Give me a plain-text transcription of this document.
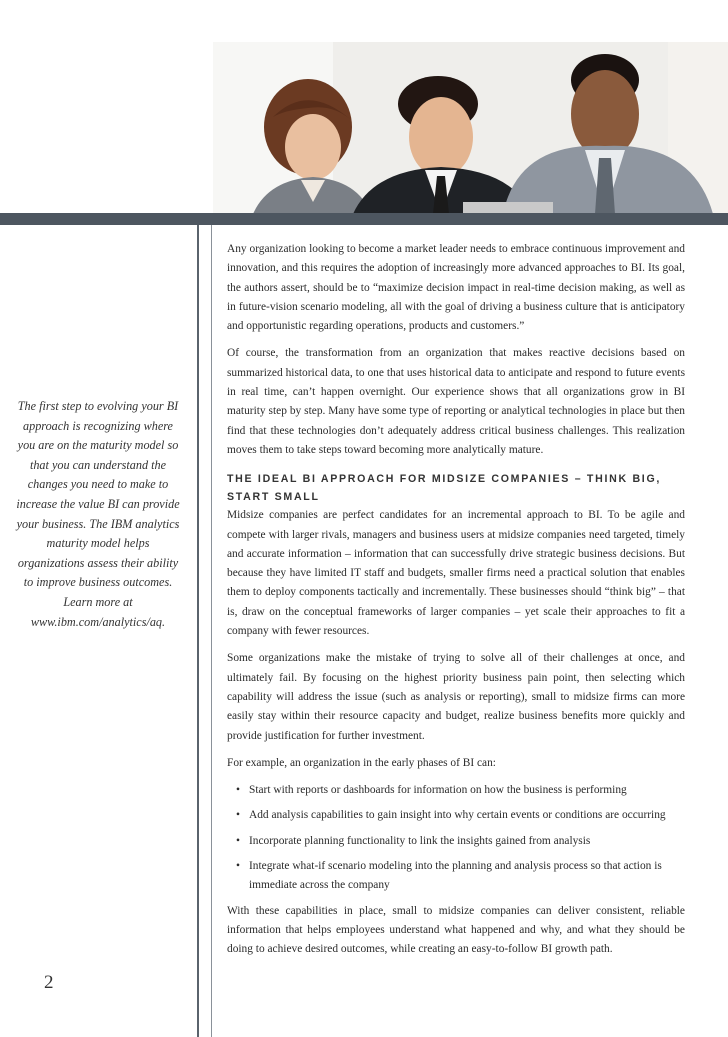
The first step to evolving your BI approach is recognizing where you are on the maturity model so that you can understand the changes you need to make to increase the value BI can provide your business. The IBM analytics maturity model helps organizations assess their ability to improve business outcomes. Learn more at www.ibm.com/analytics/aq.
2

Any organization looking to become a market leader needs to embrace continuous improvement and innovation, and this requires the adoption of increasingly more advanced approaches to BI. Its goal, the authors assert, should be to “maximize decision impact in real-time decision making, as well as in future-vision scenario modeling, all with the goal of driving a business culture that is anticipatory and opportunistic regarding operations, products and customers.”

Of course, the transformation from an organization that makes reactive decisions based on summarized historical data, to one that uses historical data to anticipate and respond to future events in real time, can’t happen overnight. Our experience shows that all organizations grow in BI maturity step by step. Many have some type of reporting or analytical technologies in place but then find that these technologies don’t adequately address critical business challenges. This realization moves them to take steps toward becoming more analytically mature.

THE IDEAL BI APPROACH FOR MIDSIZE COMPANIES – THINK BIG, START SMALL

Midsize companies are perfect candidates for an incremental approach to BI. To be agile and compete with larger rivals, managers and business users at midsize companies need targeted, timely and accurate information – information that can successfully drive strategic business decisions. But because they have limited IT staff and budgets, smaller firms need a practical solution that enables them to deploy components tactically and incrementally. These businesses should “think big” – that is, draw on the conceptual frameworks of larger companies – yet scale their approaches to fit a company with fewer resources.

Some organizations make the mistake of trying to solve all of their challenges at once, and ultimately fail. By focusing on the highest priority business pain point, then selecting which capability will address the issue (such as analysis or reporting), small to midsize firms can more easily stay within their resource capacity and budget, realize business benefits more quickly and provide justification for further investment.

For example, an organization in the early phases of BI can:

• Start with reports or dashboards for information on how the business is performing
• Add analysis capabilities to gain insight into why certain events or conditions are occurring
• Incorporate planning functionality to link the insights gained from analysis
• Integrate what-if scenario modeling into the planning and analysis process so that action is immediate across the company

With these capabilities in place, small to midsize companies can deliver consistent, reliable information that helps employees understand what happened and why, and what they should be doing to achieve desired outcomes, while creating an easy-to-follow BI growth path.
